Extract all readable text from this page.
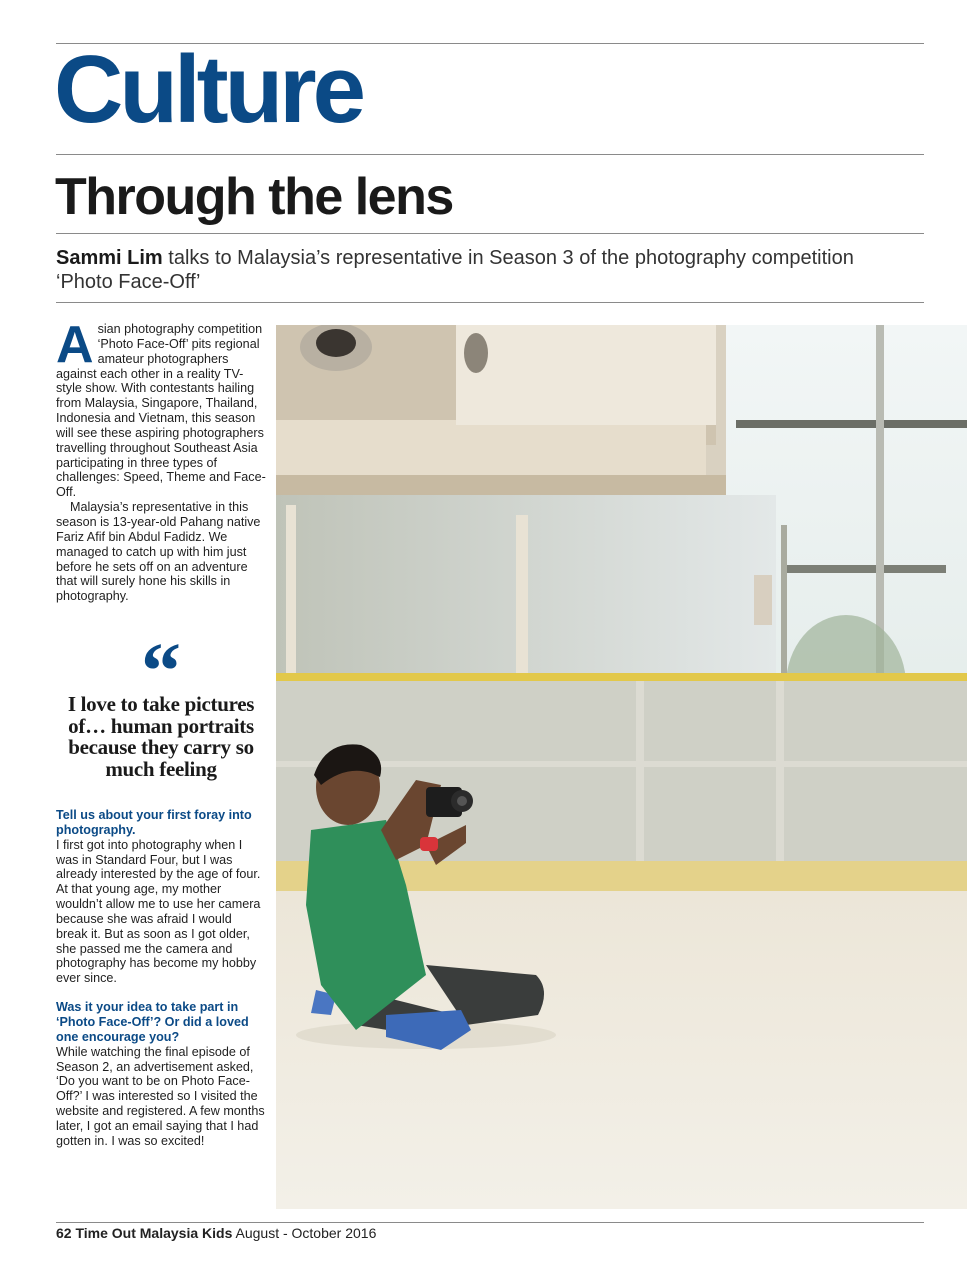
Culture
Through the lens

Sammi Lim talks to Malaysia’s representative in Season 3 of the photography competition ‘Photo Face-Off’

Asian photography competition ‘Photo Face-Off’ pits regional amateur photographers against each other in a reality TV-style show. With contestants hailing from Malaysia, Singapore, Thailand, Indonesia and Vietnam, this season will see these aspiring photographers travelling throughout Southeast Asia participating in three types of challenges: Speed, Theme and Face-Off.

Malaysia’s representative in this season is 13-year-old Pahang native Fariz Afif bin Abdul Fadidz. We managed to catch up with him just before he sets off on an adventure that will surely hone his skills in photography.

“
I love to take pictures of… human portraits because they carry so much feeling

Tell us about your first foray into photography.

I first got into photography when I was in Standard Four, but I was already interested by the age of four. At that young age, my mother wouldn’t allow me to use her camera because she was afraid I would break it. But as soon as I got older, she passed me the camera and photography has become my hobby ever since.

Was it your idea to take part in ‘Photo Face-Off’? Or did a loved one encourage you?

While watching the final episode of Season 2, an advertisement asked, ‘Do you want to be on Photo Face-Off?’ I was interested so I visited the website and registered. A few months later, I got an email saying that I had gotten in. I was so excited!

62 Time Out Malaysia Kids August - October 2016
